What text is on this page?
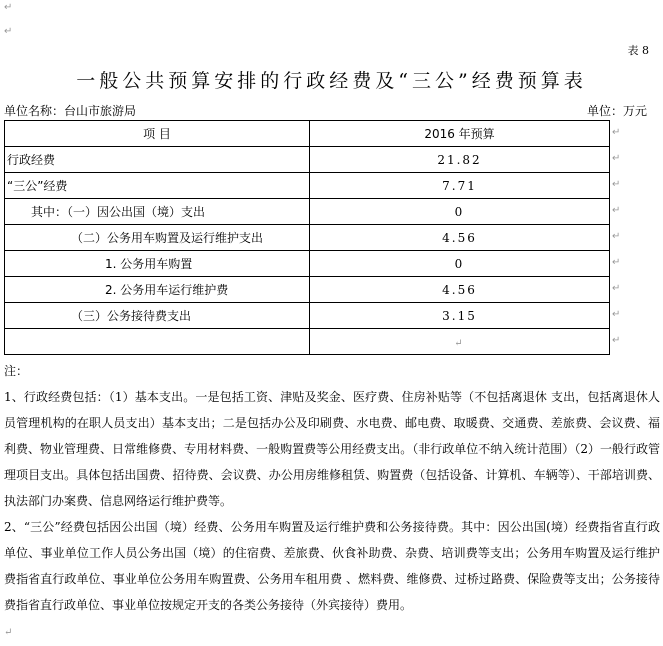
↵
↵
表 8
一般公共预算安排的行政经费及“三公”经费预算表
单位名称：台山市旅游局	单位：万元
项 目	2016 年预算
行政经费	21.82
“三公”经费	7.71
其中：（一）因公出国（境）支出	0
（二）公务用车购置及运行维护支出	4.56
1. 公务用车购置	0
2. 公务用车运行维护费	4.56
（三）公务接待费支出	3.15
	↵
↵
↵
↵
↵
↵
↵
↵
↵
↵

注：

1、行政经费包括：（1）基本支出。一是包括工资、津贴及奖金、医疗费、住房补贴等（不包括离退休 支出，包括离退休人员管理机构的在职人员支出）基本支出；二是包括办公及印刷费、水电费、邮电费、取暖费、交通费、差旅费、会议费、福利费、物业管理费、日常维修费、专用材料费、一般购置费等公用经费支出。（非行政单位不纳入统计范围）（2）一般行政管理项目支出。具体包括出国费、招待费、会议费、办公用房维修租赁、购置费（包括设备、计算机、车辆等）、干部培训费、执法部门办案费、信息网络运行维护费等。

2、“三公”经费包括因公出国（境）经费、公务用车购置及运行维护费和公务接待费。其中：因公出国(境）经费指省直行政单位、事业单位工作人员公务出国（境）的住宿费、差旅费、伙食补助费、杂费、培训费等支出；公务用车购置及运行维护费指省直行政单位、事业单位公务用车购置费、公务用车租用费 、燃料费、维修费、过桥过路费、保险费等支出；公务接待费指省直行政单位、事业单位按规定开支的各类公务接待（外宾接待）费用。

↵
